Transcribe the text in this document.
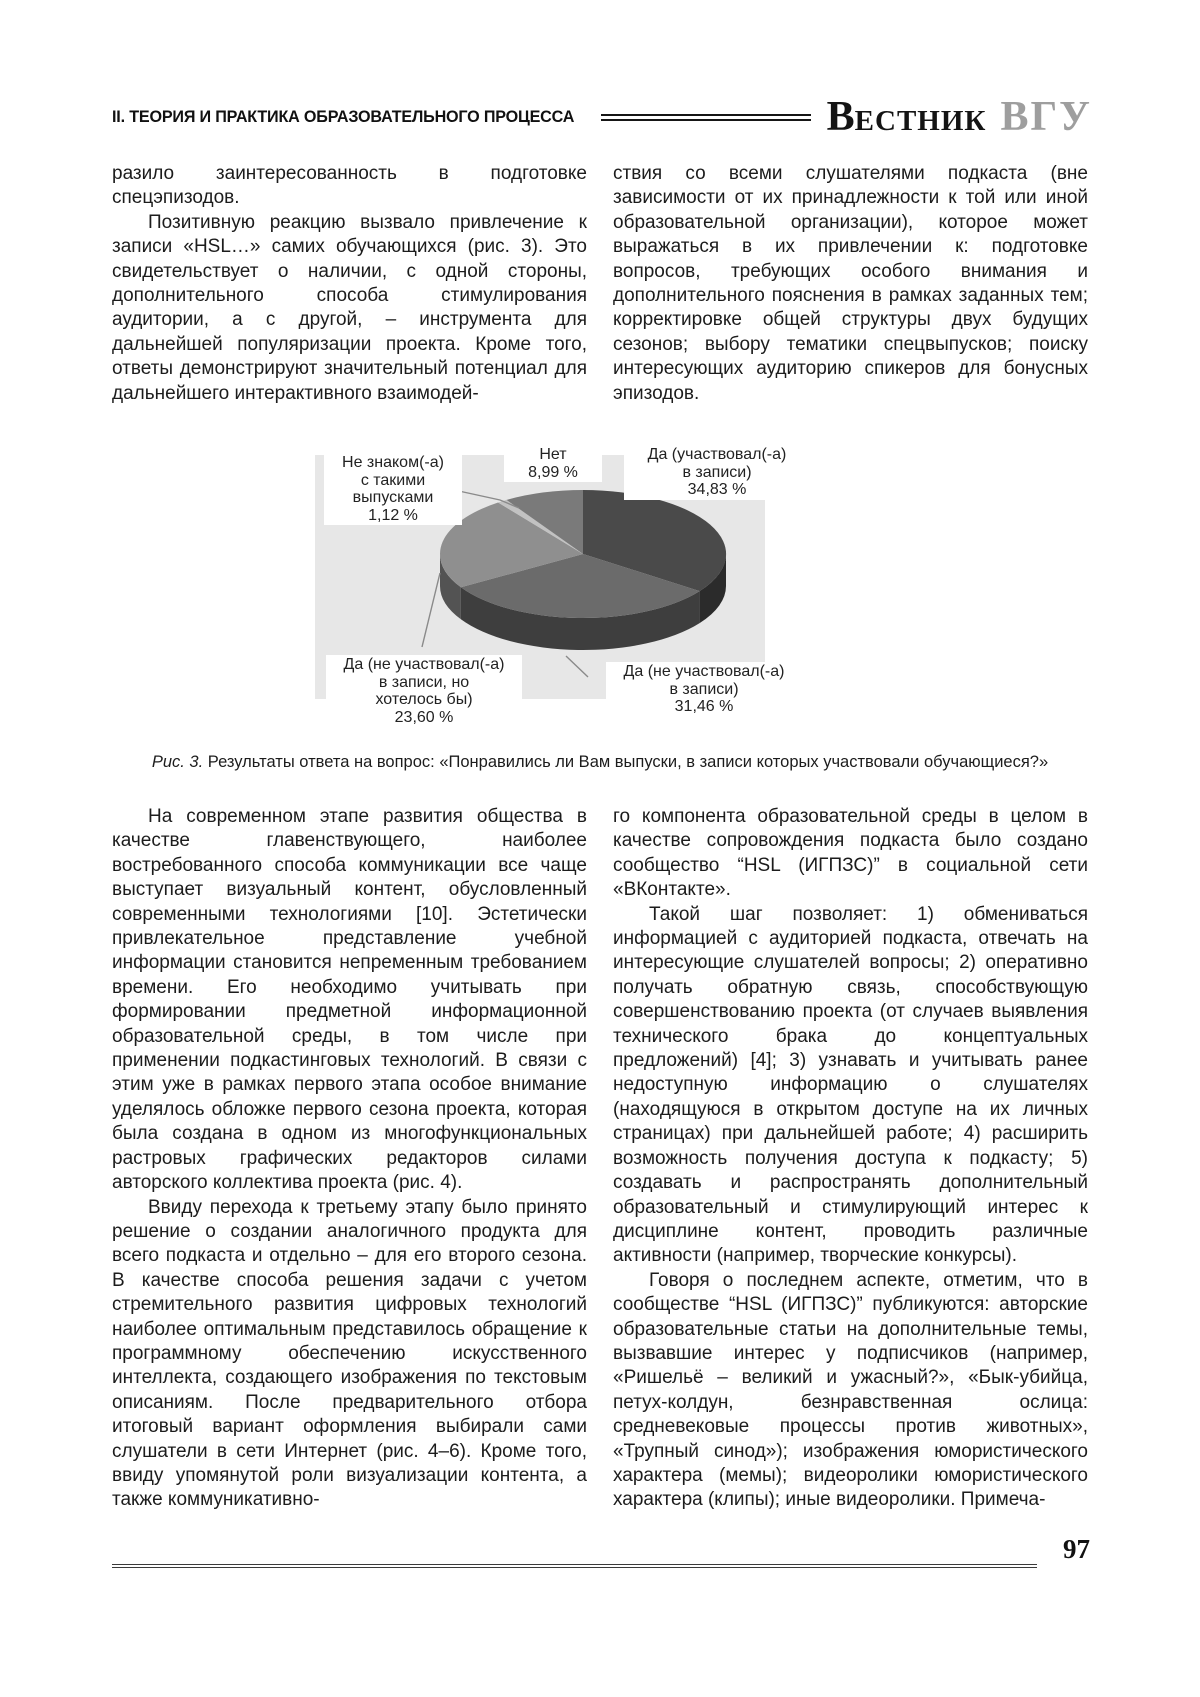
II. ТЕОРИЯ И ПРАКТИКА ОБРАЗОВАТЕЛЬНОГО ПРОЦЕССА	ВЕСТНИК ВГУ

разило заинтересованность в подготовке спецэпизодов.

Позитивную реакцию вызвало привлечение к записи «HSL…» самих обучающихся (рис. 3). Это свидетельствует о наличии, с одной стороны, дополнительного способа стимулирования аудитории, а с другой, – инструмента для дальнейшей популяризации проекта. Кроме того, ответы демонстрируют значительный потенциал для дальнейшего интерактивного взаимодей-

ствия со всеми слушателями подкаста (вне зависимости от их принадлежности к той или иной образовательной организации), которое может выражаться в их привлечении к: подготовке вопросов, требующих особого внимания и дополнительного пояснения в рамках заданных тем; корректировке общей структуры двух будущих сезонов; выбору тематики спецвыпусков; поиску интересующих аудиторию спикеров для бонусных эпизодов.

Не знаком(-а)
с такими
выпусками
1,12 %
Нет
8,99 %
Да (участвовал(-а)
в записи)
34,83 %
Да (не участвовал(-а)
в записи, но
хотелось бы)
23,60 %
Да (не участвовал(-а)
в записи)
31,46 %
Рис. 3. Результаты ответа на вопрос: «Понравились ли Вам выпуски, в записи которых участвовали обучающиеся?»

На современном этапе развития общества в качестве главенствующего, наиболее востребованного способа коммуникации все чаще выступает визуальный контент, обусловленный современными технологиями [10]. Эстетически привлекательное представление учебной информации становится непременным требованием времени. Его необходимо учитывать при формировании предметной информационной образовательной среды, в том числе при применении подкастинговых технологий. В связи с этим уже в рамках первого этапа особое внимание уделялось обложке первого сезона проекта, которая была создана в одном из многофункциональных растровых графических редакторов силами авторского коллектива проекта (рис. 4).

Ввиду перехода к третьему этапу было принято решение о создании аналогичного продукта для всего подкаста и отдельно – для его второго сезона. В качестве способа решения задачи с учетом стремительного развития цифровых технологий наиболее оптимальным представилось обращение к программному обеспечению искусственного интеллекта, создающего изображения по текстовым описаниям. После предварительного отбора итоговый вариант оформления выбирали сами слушатели в сети Интернет (рис. 4–6). Кроме того, ввиду упомянутой роли визуализации контента, а также коммуникативно-

го компонента образовательной среды в целом в качестве сопровождения подкаста было создано сообщество “HSL (ИГПЗС)” в социальной сети «ВКонтакте».

Такой шаг позволяет: 1) обмениваться информацией с аудиторией подкаста, отвечать на интересующие слушателей вопросы; 2) оперативно получать обратную связь, способствующую совершенствованию проекта (от случаев выявления технического брака до концептуальных предложений) [4]; 3) узнавать и учитывать ранее недоступную информацию о слушателях (находящуюся в открытом доступе на их личных страницах) при дальнейшей работе; 4) расширить возможность получения доступа к подкасту; 5) создавать и распространять дополнительный образовательный и стимулирующий интерес к дисциплине контент, проводить различные активности (например, творческие конкурсы).

Говоря о последнем аспекте, отметим, что в сообществе “HSL (ИГПЗС)” публикуются: авторские образовательные статьи на дополнительные темы, вызвавшие интерес у подписчиков (например, «Ришельё – великий и ужасный?», «Бык-убийца, петух-колдун, безнравственная ослица: средневековые процессы против животных», «Трупный синод»); изображения юмористического характера (мемы); видеоролики юмористического характера (клипы); иные видеоролики. Примеча-

97
